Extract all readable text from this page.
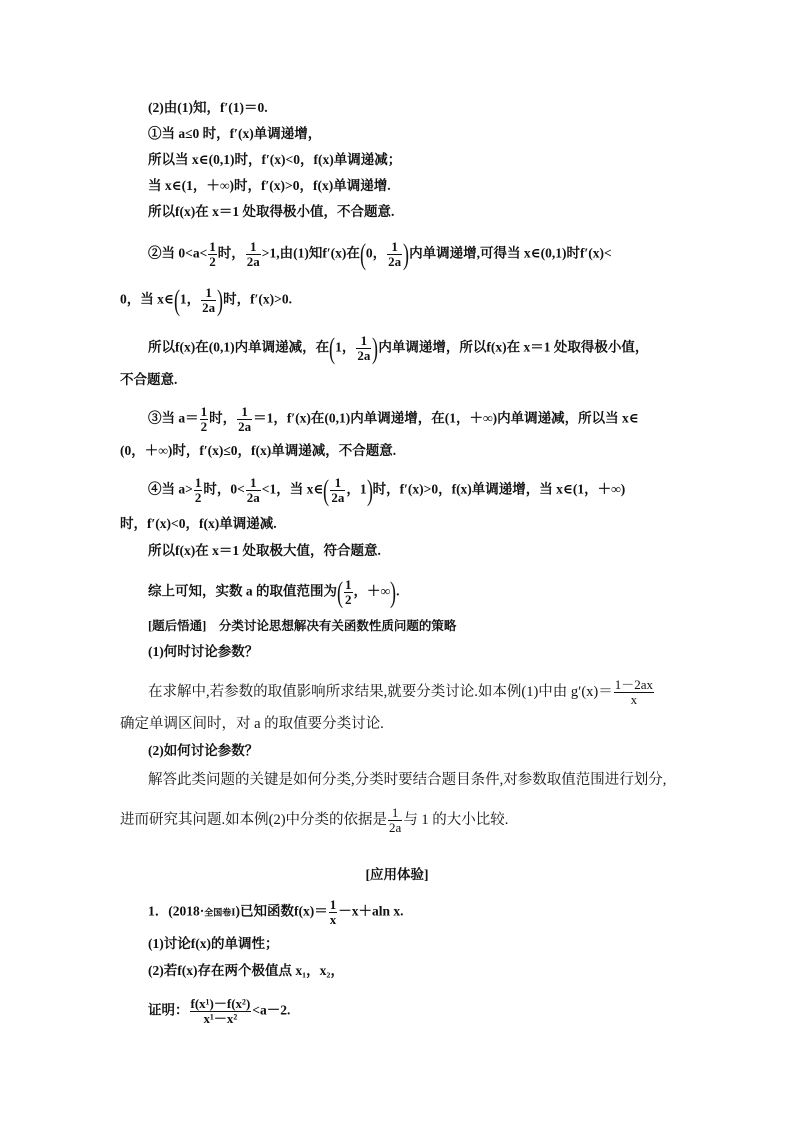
(2)由(1)知，f′(1)＝0.
①当 a≤0 时，f′(x)单调递增，
所以当 x∈(0,1)时，f′(x)<0，f(x)单调递减；
当 x∈(1，＋∞)时，f′(x)>0，f(x)单调递增.
所以f(x)在 x＝1 处取得极小值，不合题意.
②当 $0<a< \frac{1}{2}$ 时， $\frac{1}{2a} >1$,由(1)知f′(x)在(0， $\frac{1}{2a}$ )内单调递增,可得当 x∈(0,1)时f′(x)<
0，当 x∈(1， $\frac{1}{2a}$ )时，f′(x)>0.
所以f(x)在(0,1)内单调递减，在(1， $\frac{1}{2a}$ )内单调递增，所以f(x)在 x＝1 处取得极小值，
不合题意.
③当 $a= \frac{1}{2}$ 时， $\frac{1}{2a} =1$，f′(x)在(0,1)内单调递增，在(1，＋∞)内单调递减，所以当 x∈
(0，＋∞)时，f′(x)≤0，f(x)单调递减，不合题意.
④当 $a> \frac{1}{2}$ 时，$0< \frac{1}{2a} <1$，当 x∈( $\frac{1}{2a}$ ，1)时，f′(x)>0，f(x)单调递增，当 x∈(1，＋∞)
时，f′(x)<0，f(x)单调递减.
所以f(x)在 x＝1 处取极大值，符合题意.
综上可知，实数 a 的取值范围为( $\frac{1}{2}$ ，＋∞).
[题后悟通]　分类讨论思想解决有关函数性质问题的策略
(1)何时讨论参数？
在求解中,若参数的取值影响所求结果,就要分类讨论.如本例(1)中由 $g'(x)= \frac{1-2ax}{x}$
确定单调区间时，对 a 的取值要分类讨论.
(2)如何讨论参数？
解答此类问题的关键是如何分类,分类时要结合题目条件,对参数取值范围进行划分,
进而研究其问题.如本例(2)中分类的依据是 $\frac{1}{2a}$ 与 1 的大小比较.
[应用体验]
1．(2018·全国卷Ⅰ)已知函数$f(x)= \frac{1}{x} -x+aln$ x.
(1)讨论f(x)的单调性；
(2)若f(x)存在两个极值点 x₁，x₂，
证明： $\frac{\text{f(x¹)－f(x²)}}{\text{x¹－x²}} <a-2$.
